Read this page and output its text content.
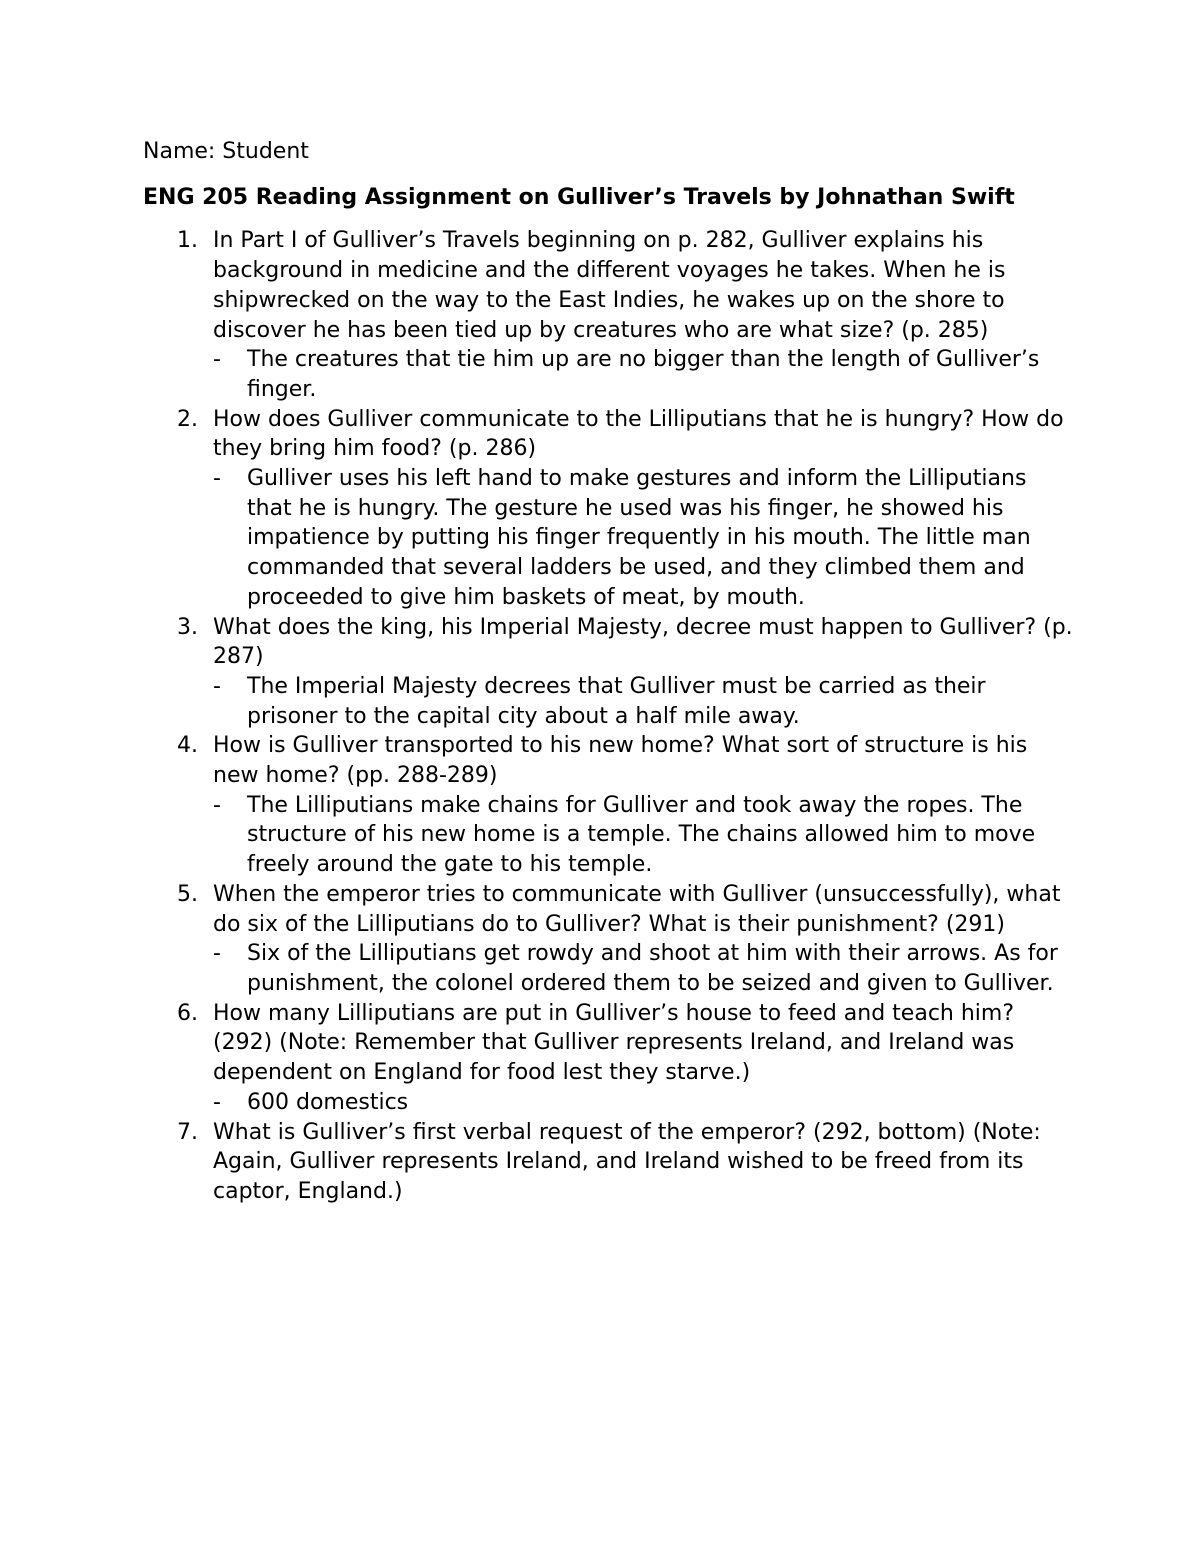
Name: Student
ENG 205 Reading Assignment on Gulliver’s Travels by Johnathan Swift
1. In Part I of Gulliver’s Travels beginning on p. 282, Gulliver explains his background in medicine and the different voyages he takes. When he is shipwrecked on the way to the East Indies, he wakes up on the shore to discover he has been tied up by creatures who are what size? (p. 285)
- The creatures that tie him up are no bigger than the length of Gulliver’s finger.
2. How does Gulliver communicate to the Lilliputians that he is hungry? How do they bring him food? (p. 286)
- Gulliver uses his left hand to make gestures and inform the Lilliputians that he is hungry. The gesture he used was his finger, he showed his impatience by putting his finger frequently in his mouth. The little man commanded that several ladders be used, and they climbed them and proceeded to give him baskets of meat, by mouth.
3. What does the king, his Imperial Majesty, decree must happen to Gulliver? (p. 287)
- The Imperial Majesty decrees that Gulliver must be carried as their prisoner to the capital city about a half mile away.
4. How is Gulliver transported to his new home? What sort of structure is his new home? (pp. 288-289)
- The Lilliputians make chains for Gulliver and took away the ropes. The structure of his new home is a temple. The chains allowed him to move freely around the gate to his temple.
5. When the emperor tries to communicate with Gulliver (unsuccessfully), what do six of the Lilliputians do to Gulliver? What is their punishment? (291)
- Six of the Lilliputians get rowdy and shoot at him with their arrows. As for punishment, the colonel ordered them to be seized and given to Gulliver.
6. How many Lilliputians are put in Gulliver’s house to feed and teach him? (292) (Note: Remember that Gulliver represents Ireland, and Ireland was dependent on England for food lest they starve.)
- 600 domestics
7. What is Gulliver’s first verbal request of the emperor? (292, bottom) (Note: Again, Gulliver represents Ireland, and Ireland wished to be freed from its captor, England.)
